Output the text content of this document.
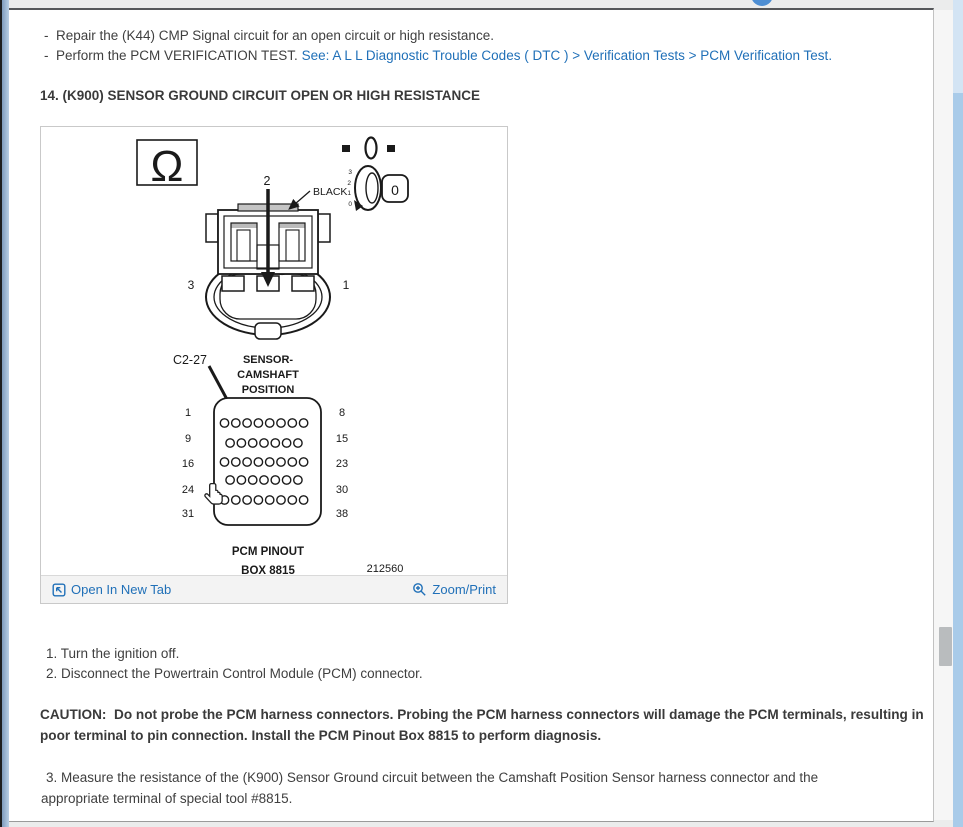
- Repair the (K44) CMP Signal circuit for an open circuit or high resistance.
- Perform the PCM VERIFICATION TEST. See: A L L Diagnostic Trouble Codes ( DTC ) > Verification Tests > PCM Verification Test.
14. (K900) SENSOR GROUND CIRCUIT OPEN OR HIGH RESISTANCE
Ω	0
3
2
1
0
3	1
2
BLACK
SENSOR-
CAMSHAFT
POSITION
C2-27
1
9
16
24
31
8
15
23
30
38
PCM PINOUT
BOX 8815	212560
Open In New Tab	Zoom/Print
1. Turn the ignition off.
2. Disconnect the Powertrain Control Module (PCM) connector.
CAUTION:  Do not probe the PCM harness connectors. Probing the PCM harness connectors will damage the PCM terminals, resulting in poor terminal to pin connection. Install the PCM Pinout Box 8815 to perform diagnosis.
3. Measure the resistance of the (K900) Sensor Ground circuit between the Camshaft Position Sensor harness connector and the appropriate terminal of special tool #8815.
